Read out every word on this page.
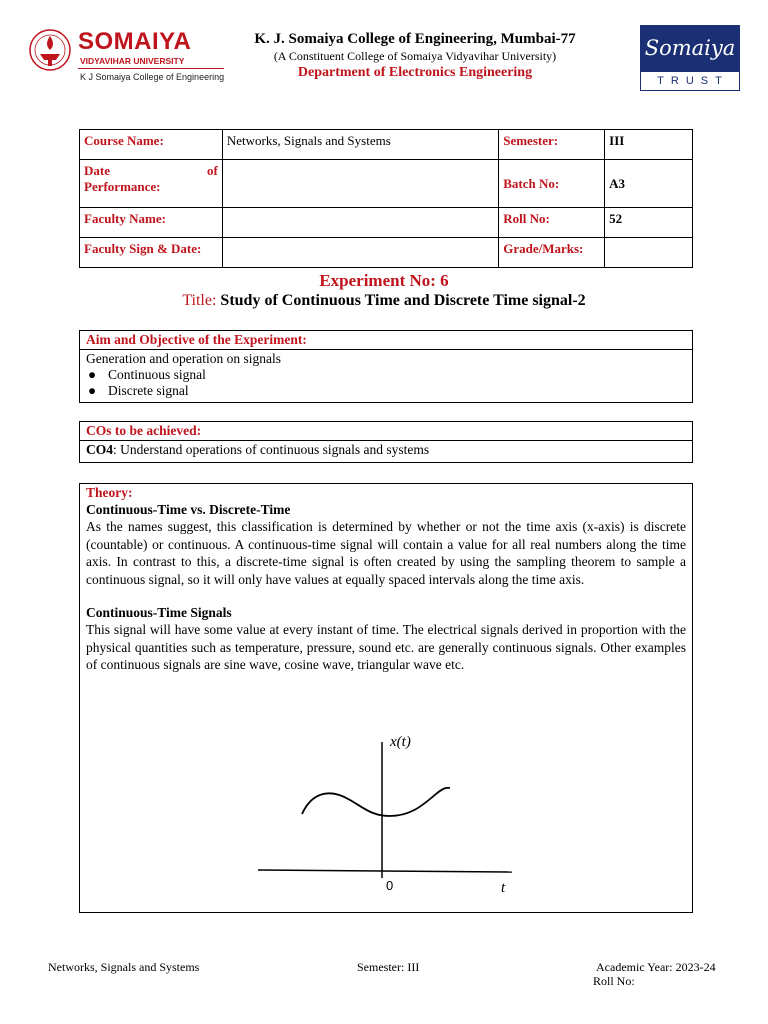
SOMAIYA
VIDYAVIHAR UNIVERSITY
K J Somaiya College of Engineering
K. J. Somaiya College of Engineering, Mumbai-77
(A Constituent College of Somaiya Vidyavihar University)
Department of Electronics Engineering
Somaiya
TRUST
Course Name:	Networks, Signals and Systems	Semester:	III

Date of
Performance:		Batch No:	A3
Faculty Name:		Roll No:	52
Faculty Sign & Date:		Grade/Marks:	
Experiment No: 6
Title: Study of Continuous Time and Discrete Time signal-2
Aim and Objective of the Experiment:
Generation and operation on signals
● Continuous signal
● Discrete signal
COs to be achieved:
CO4: Understand operations of continuous signals and systems
Theory:
Continuous-Time vs. Discrete-Time

As the names suggest, this classification is determined by whether or not the time axis (x-axis) is discrete (countable) or continuous. A continuous-time signal will contain a value for all real numbers along the time axis. In contrast to this, a discrete-time signal is often created by using the sampling theorem to sample a continuous signal, so it will only have values at equally spaced intervals along the time axis.

Continuous-Time Signals

This signal will have some value at every instant of time. The electrical signals derived in proportion with the physical quantities such as temperature, pressure, sound etc. are generally continuous signals. Other examples of continuous signals are sine wave, cosine wave, triangular wave etc.

x(t)
0	t
Networks, Signals and Systems	Semester: III	Academic Year: 2023-24
Roll No:
